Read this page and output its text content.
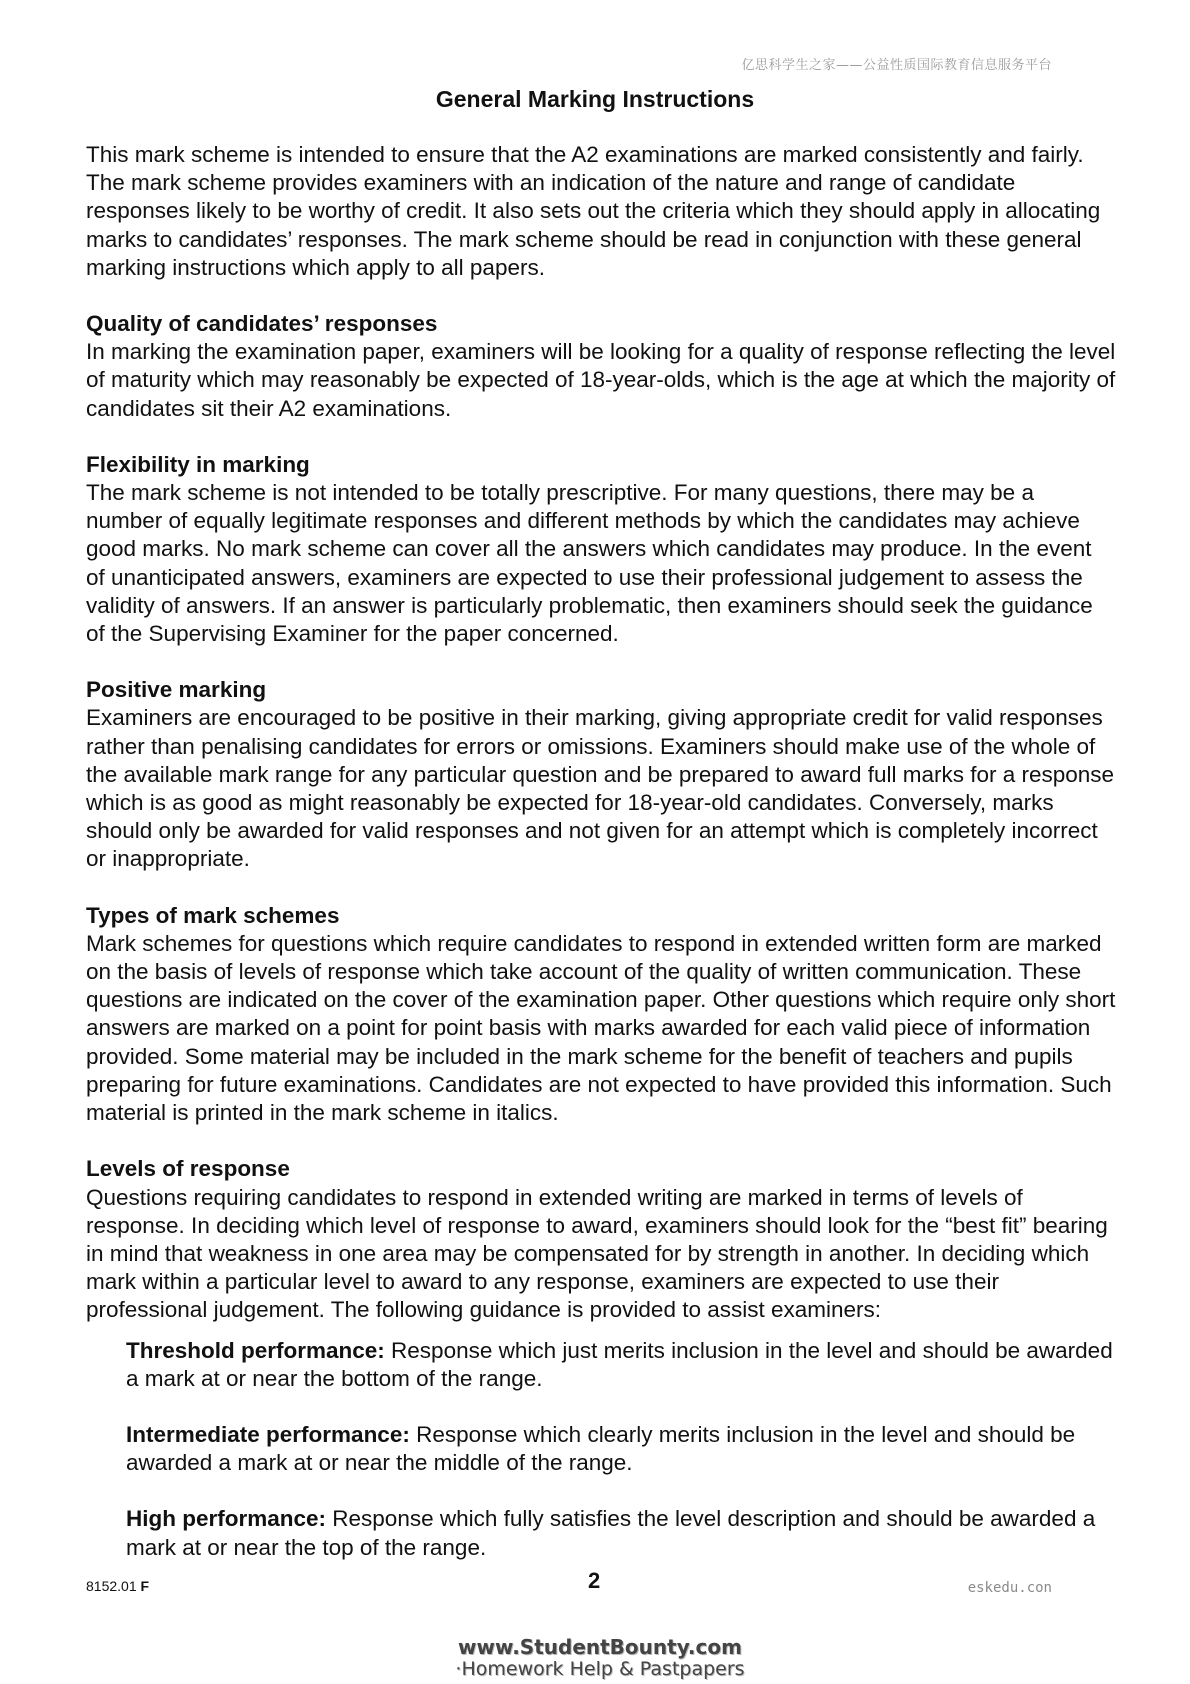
亿思科学生之家——公益性质国际教育信息服务平台
General Marking Instructions

This mark scheme is intended to ensure that the A2 examinations are marked consistently and fairly. The mark scheme provides examiners with an indication of the nature and range of candidate responses likely to be worthy of credit. It also sets out the criteria which they should apply in allocating marks to candidates’ responses. The mark scheme should be read in conjunction with these general marking instructions which apply to all papers.

Quality of candidates’ responses
In marking the examination paper, examiners will be looking for a quality of response reflecting the level of maturity which may reasonably be expected of 18-year-olds, which is the age at which the majority of candidates sit their A2 examinations.

Flexibility in marking
The mark scheme is not intended to be totally prescriptive. For many questions, there may be a number of equally legitimate responses and different methods by which the candidates may achieve good marks. No mark scheme can cover all the answers which candidates may produce. In the event of unanticipated answers, examiners are expected to use their professional judgement to assess the validity of answers. If an answer is particularly problematic, then examiners should seek the guidance of the Supervising Examiner for the paper concerned.

Positive marking
Examiners are encouraged to be positive in their marking, giving appropriate credit for valid responses rather than penalising candidates for errors or omissions. Examiners should make use of the whole of the available mark range for any particular question and be prepared to award full marks for a response which is as good as might reasonably be expected for 18-year-old candidates. Conversely, marks should only be awarded for valid responses and not given for an attempt which is completely incorrect or inappropriate.

Types of mark schemes
Mark schemes for questions which require candidates to respond in extended written form are marked on the basis of levels of response which take account of the quality of written communication. These questions are indicated on the cover of the examination paper. Other questions which require only short answers are marked on a point for point basis with marks awarded for each valid piece of information provided. Some material may be included in the mark scheme for the benefit of teachers and pupils preparing for future examinations. Candidates are not expected to have provided this information. Such material is printed in the mark scheme in italics.

Levels of response
Questions requiring candidates to respond in extended writing are marked in terms of levels of response. In deciding which level of response to award, examiners should look for the “best fit” bearing in mind that weakness in one area may be compensated for by strength in another. In deciding which mark within a particular level to award to any response, examiners are expected to use their professional judgement. The following guidance is provided to assist examiners:

Threshold performance: Response which just merits inclusion in the level and should be awarded a mark at or near the bottom of the range.

Intermediate performance: Response which clearly merits inclusion in the level and should be awarded a mark at or near the middle of the range.

High performance: Response which fully satisfies the level description and should be awarded a mark at or near the top of the range.

8152.01 F	2	eskedu.con
www.StudentBounty.com
·Homework Help & Pastpapers
